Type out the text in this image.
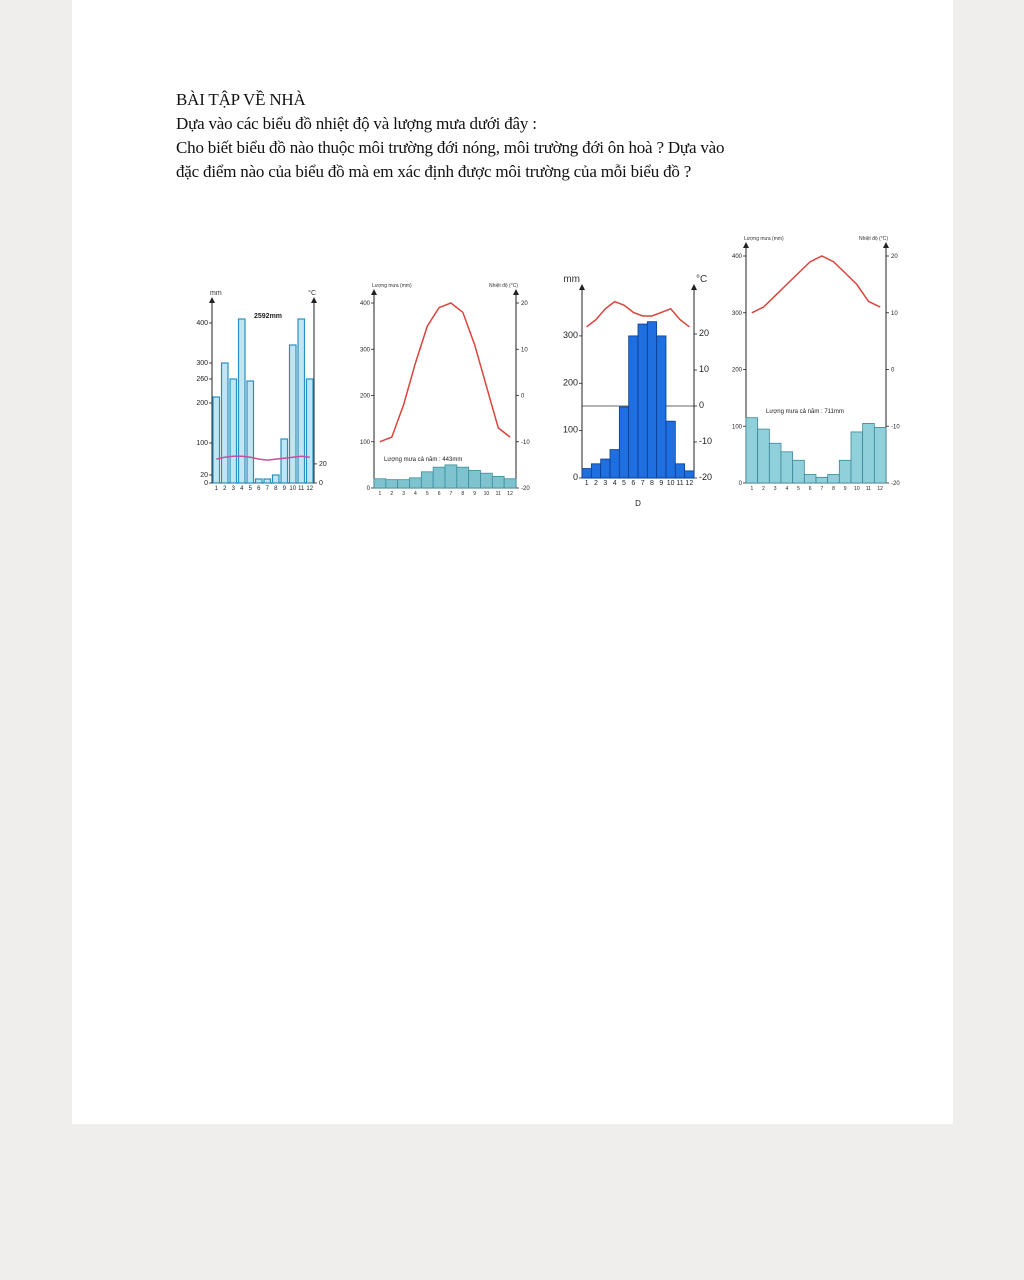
BÀI TẬP VỀ NHÀ
Dựa vào các biểu đồ nhiệt độ và lượng mưa dưới đây :
Cho biết biểu đồ nào thuộc môi trường đới nóng, môi trường đới ôn hoà ? Dựa vào
đặc điểm nào của biểu đồ mà em xác định được môi trường của mỗi biểu đồ ?
mm	°C
400
300
260
200
100
20
0
20
0
1 2 3 4 5 6 7 8 9 10 11 12
2592mm
Lượng mưa (mm)	Nhiệt độ (°C)
400
300
200
100
0
20
10
0
-10
-20
1 2 3 4 5 6 7 8 9 10 11 12
Lượng mưa cả năm : 443mm
mm	°C
300
200
100
0
20
10
0
-10
-20
1 2 3 4 5 6 7 8 9 10 11 12
D
Lượng mưa (mm)	Nhiệt độ (°C)
400
300
200
100
0
20
10
0
-10
-20
1 2 3 4 5 6 7 8 9 10 11 12
Lượng mưa cả năm : 711mm
